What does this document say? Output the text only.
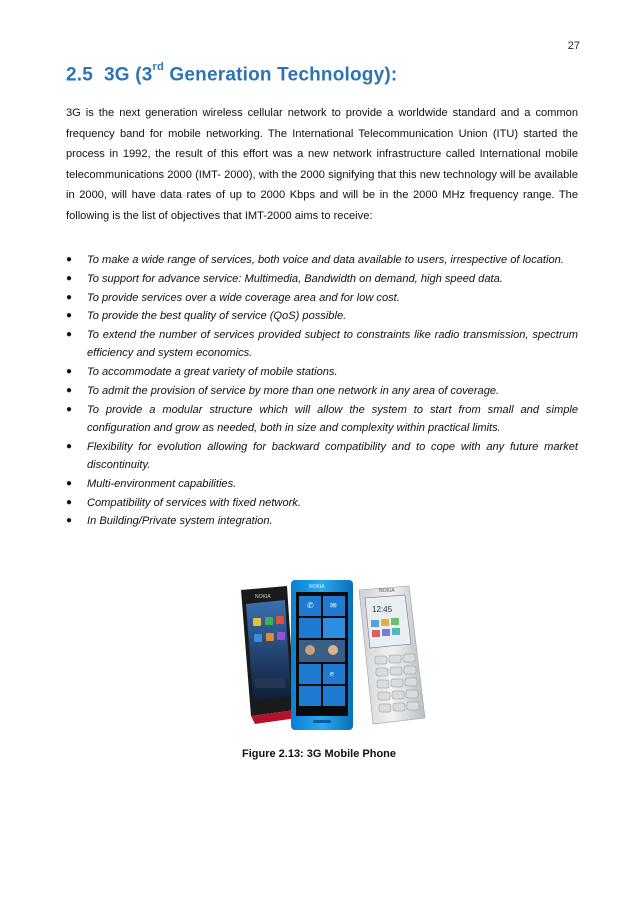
27
2.5 3G (3rd Generation Technology):

3G is the next generation wireless cellular network to provide a worldwide standard and a common frequency band for mobile networking. The International Telecommunication Union (ITU) started the process in 1992, the result of this effort was a new network infrastructure called International mobile telecommunications 2000 (IMT- 2000), with the 2000 signifying that this new technology will be available in 2000, will have data rates of up to 2000 Kbps and will be in the 2000 MHz frequency range. The following is the list of objectives that IMT-2000 aims to receive:

● To make a wide range of services, both voice and data available to users, irrespective of location.
● To support for advance service: Multimedia, Bandwidth on demand, high speed data.
● To provide services over a wide coverage area and for low cost.
● To provide the best quality of service (QoS) possible.
● To extend the number of services provided subject to constraints like radio transmission, spectrum efficiency and system economics.
● To accommodate a great variety of mobile stations.
● To admit the provision of service by more than one network in any area of coverage.
● To provide a modular structure which will allow the system to start from small and simple configuration and grow as needed, both in size and complexity within practical limits.
● Flexibility for evolution allowing for backward compatibility and to cope with any future market discontinuity.
● Multi-environment capabilities.
● Compatibility of services with fixed network.
● In Building/Private system integration.
NOKIA
NOKIA
✆ ✉
e
NOKIA
12:45
Figure 2.13: 3G Mobile Phone
